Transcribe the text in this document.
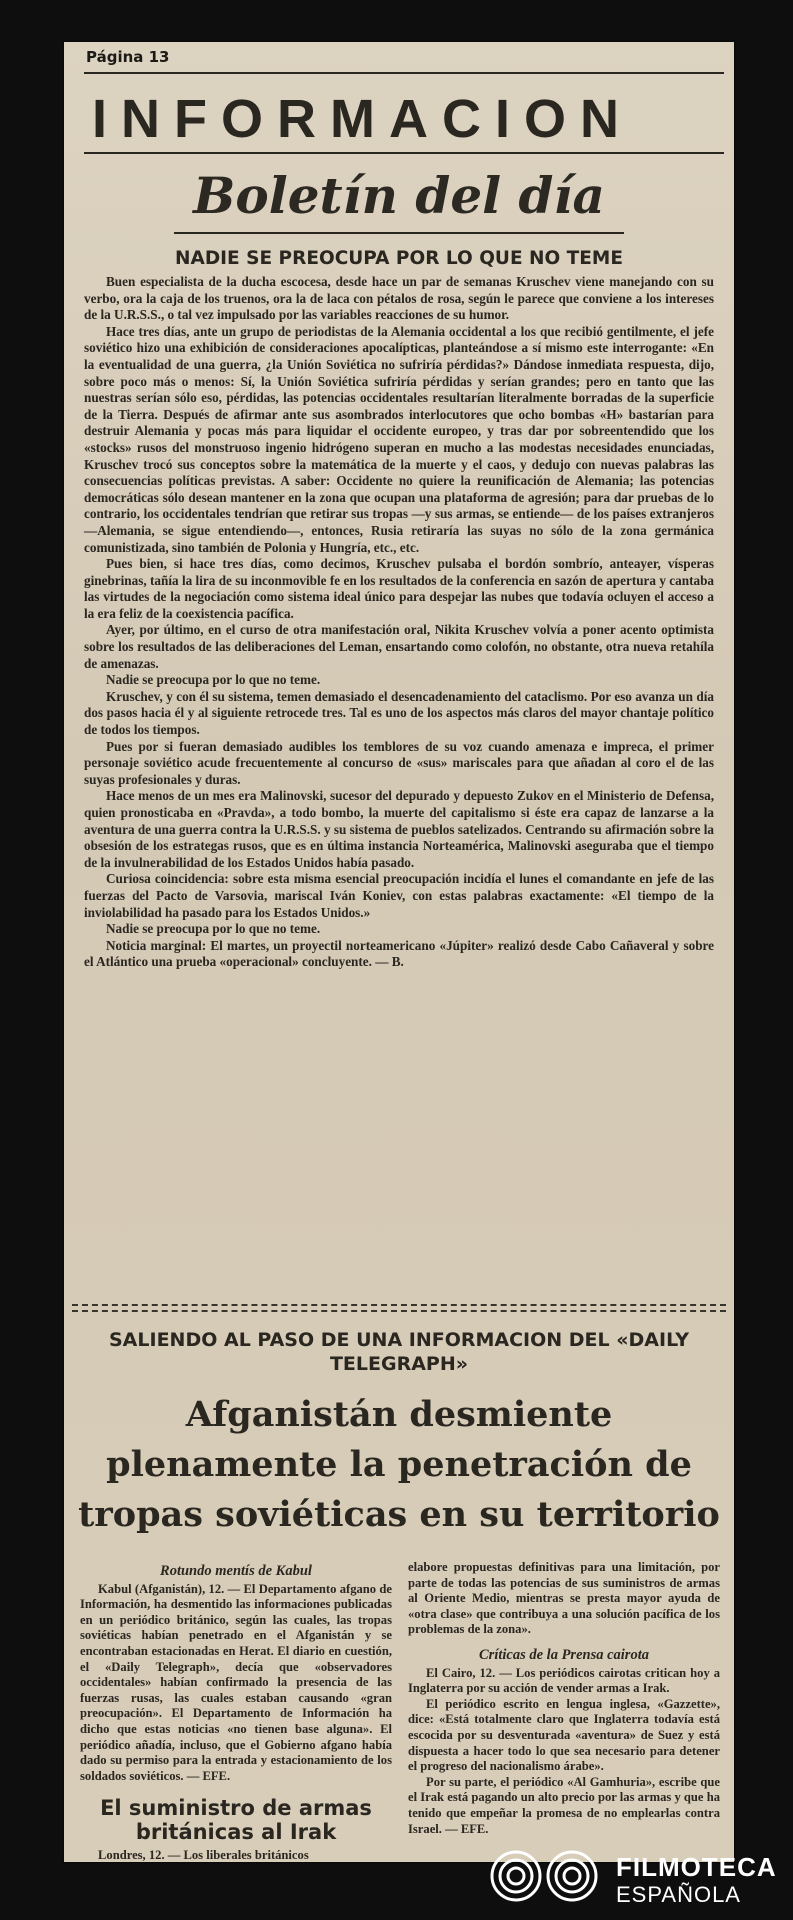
Página 13
INFORMACION
Boletín del día
NADIE SE PREOCUPA POR LO QUE NO TEME

Buen especialista de la ducha escocesa, desde hace un par de semanas Kruschev viene manejando con su verbo, ora la caja de los truenos, ora la de laca con pétalos de rosa, según le parece que conviene a los intereses de la U.R.S.S., o tal vez impulsado por las variables reacciones de su humor.

Hace tres días, ante un grupo de periodistas de la Alemania occidental a los que recibió gentilmente, el jefe soviético hizo una exhibición de consideraciones apocalípticas, planteándose a sí mismo este interrogante: «En la eventualidad de una guerra, ¿la Unión Soviética no sufriría pérdidas?» Dándose inmediata respuesta, dijo, sobre poco más o menos: Sí, la Unión Soviética sufriría pérdidas y serían grandes; pero en tanto que las nuestras serían sólo eso, pérdidas, las potencias occidentales resultarían literalmente borradas de la superficie de la Tierra. Después de afirmar ante sus asombrados interlocutores que ocho bombas «H» bastarían para destruir Alemania y pocas más para liquidar el occidente europeo, y tras dar por sobreentendido que los «stocks» rusos del monstruoso ingenio hidrógeno superan en mucho a las modestas necesidades enunciadas, Kruschev trocó sus conceptos sobre la matemática de la muerte y el caos, y dedujo con nuevas palabras las consecuencias políticas previstas. A saber: Occidente no quiere la reunificación de Alemania; las potencias democráticas sólo desean mantener en la zona que ocupan una plataforma de agresión; para dar pruebas de lo contrario, los occidentales tendrían que retirar sus tropas —y sus armas, se entiende— de los países extranjeros —Alemania, se sigue entendiendo—, entonces, Rusia retiraría las suyas no sólo de la zona germánica comunistizada, sino también de Polonia y Hungría, etc., etc.

Pues bien, si hace tres días, como decimos, Kruschev pulsaba el bordón sombrío, anteayer, vísperas ginebrinas, tañía la lira de su inconmovible fe en los resultados de la conferencia en sazón de apertura y cantaba las virtudes de la negociación como sistema ideal único para despejar las nubes que todavía ocluyen el acceso a la era feliz de la coexistencia pacífica.

Ayer, por último, en el curso de otra manifestación oral, Nikita Kruschev volvía a poner acento optimista sobre los resultados de las deliberaciones del Leman, ensartando como colofón, no obstante, otra nueva retahíla de amenazas.

Nadie se preocupa por lo que no teme.

Kruschev, y con él su sistema, temen demasiado el desencadenamiento del cataclismo. Por eso avanza un día dos pasos hacia él y al siguiente retrocede tres. Tal es uno de los aspectos más claros del mayor chantaje político de todos los tiempos.

Pues por si fueran demasiado audibles los temblores de su voz cuando amenaza e impreca, el primer personaje soviético acude frecuentemente al concurso de «sus» mariscales para que añadan al coro el de las suyas profesionales y duras.

Hace menos de un mes era Malinovski, sucesor del depurado y depuesto Zukov en el Ministerio de Defensa, quien pronosticaba en «Pravda», a todo bombo, la muerte del capitalismo si éste era capaz de lanzarse a la aventura de una guerra contra la U.R.S.S. y su sistema de pueblos satelizados. Centrando su afirmación sobre la obsesión de los estrategas rusos, que es en última instancia Norteamérica, Malinovski aseguraba que el tiempo de la invulnerabilidad de los Estados Unidos había pasado.

Curiosa coincidencia: sobre esta misma esencial preocupación incidía el lunes el comandante en jefe de las fuerzas del Pacto de Varsovia, mariscal Iván Koniev, con estas palabras exactamente: «El tiempo de la inviolabilidad ha pasado para los Estados Unidos.»

Nadie se preocupa por lo que no teme.

Noticia marginal: El martes, un proyectil norteamericano «Júpiter» realizó desde Cabo Cañaveral y sobre el Atlántico una prueba «operacional» concluyente. — B.

SALIENDO AL PASO DE UNA INFORMACION DEL «DAILY TELEGRAPH»
Afganistán desmiente plenamente la penetración de tropas soviéticas en su territorio

Rotundo mentís de Kabul

Kabul (Afganistán), 12. — El Departamento afgano de Información, ha desmentido las informaciones publicadas en un periódico británico, según las cuales, las tropas soviéticas habían penetrado en el Afganistán y se encontraban estacionadas en Herat. El diario en cuestión, el «Daily Telegraph», decía que «observadores occidentales» habían confirmado la presencia de las fuerzas rusas, las cuales estaban causando «gran preocupación». El Departamento de Información ha dicho que estas noticias «no tienen base alguna». El periódico añadía, incluso, que el Gobierno afgano había dado su permiso para la entrada y estacionamiento de los soldados soviéticos. — EFE.

El suministro de armas británicas al Irak

Londres, 12. — Los liberales británicos

elabore propuestas definitivas para una limitación, por parte de todas las potencias de sus suministros de armas al Oriente Medio, mientras se presta mayor ayuda de «otra clase» que contribuya a una solución pacífica de los problemas de la zona».

Críticas de la Prensa cairota

El Cairo, 12. — Los periódicos cairotas critican hoy a Inglaterra por su acción de vender armas a Irak.

El periódico escrito en lengua inglesa, «Gazzette», dice: «Está totalmente claro que Inglaterra todavía está escocida por su desventurada «aventura» de Suez y está dispuesta a hacer todo lo que sea necesario para detener el progreso del nacionalismo árabe».

Por su parte, el periódico «Al Gamhuria», escribe que el Irak está pagando un alto precio por las armas y que ha tenido que empeñar la promesa de no emplearlas contra Israel. — EFE.

FILMOTECA
ESPAÑOLA
